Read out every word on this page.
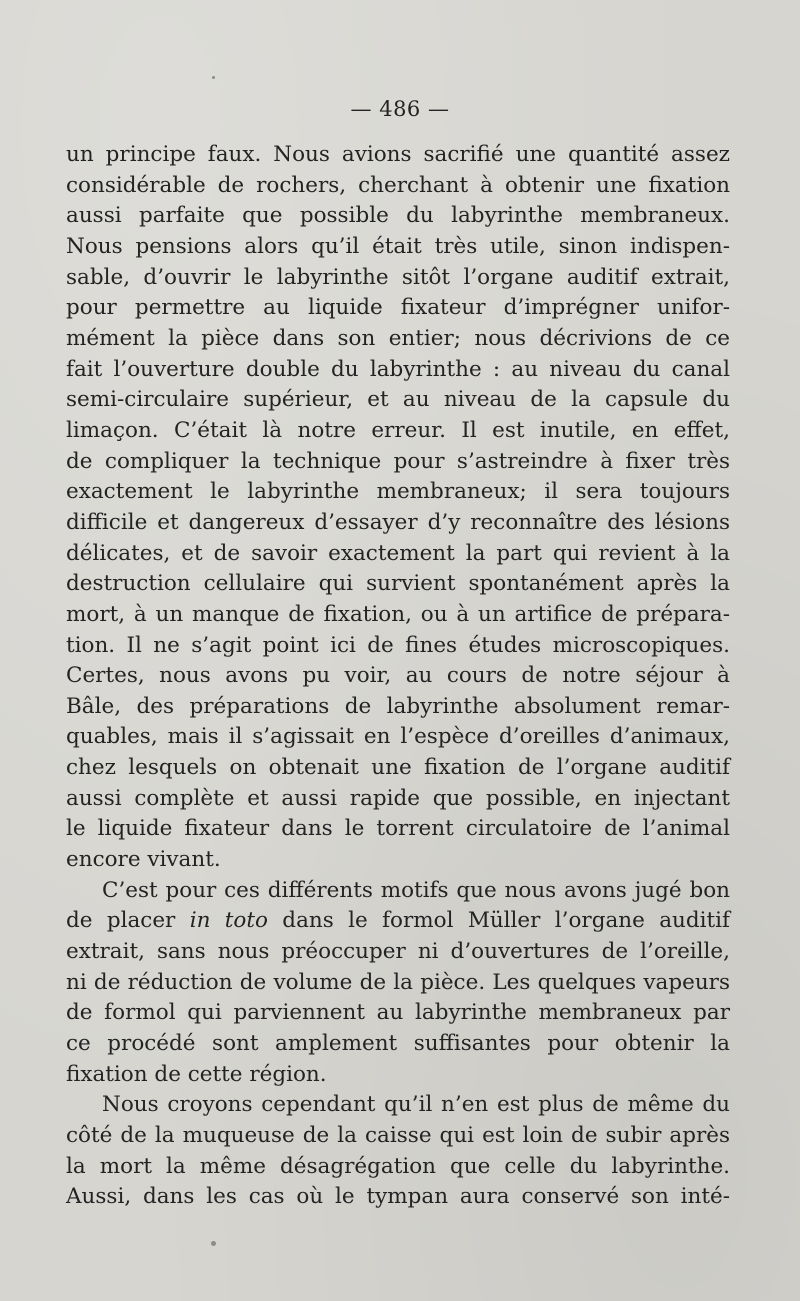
— 486 —
un principe faux. Nous avions sacrifié une quantité assez
considérable de rochers, cherchant à obtenir une fixation
aussi parfaite que possible du labyrinthe membraneux.
Nous pensions alors qu’il était très utile, sinon indispen-
sable, d’ouvrir le labyrinthe sitôt l’organe auditif extrait,
pour permettre au liquide fixateur d’imprégner unifor-
mément la pièce dans son entier; nous décrivions de ce
fait l’ouverture double du labyrinthe : au niveau du canal
semi-circulaire supérieur, et au niveau de la capsule du
limaçon. C’était là notre erreur. Il est inutile, en effet,
de compliquer la technique pour s’astreindre à fixer très
exactement le labyrinthe membraneux; il sera toujours
difficile et dangereux d’essayer d’y reconnaître des lésions
délicates, et de savoir exactement la part qui revient à la
destruction cellulaire qui survient spontanément après la
mort, à un manque de fixation, ou à un artifice de prépara-
tion. Il ne s’agit point ici de fines études microscopiques.
Certes, nous avons pu voir, au cours de notre séjour à
Bâle, des préparations de labyrinthe absolument remar-
quables, mais il s’agissait en l’espèce d’oreilles d’animaux,
chez lesquels on obtenait une fixation de l’organe auditif
aussi complète et aussi rapide que possible, en injectant
le liquide fixateur dans le torrent circulatoire de l’animal
encore vivant.
C’est pour ces différents motifs que nous avons jugé bon
de placer in toto dans le formol Müller l’organe auditif
extrait, sans nous préoccuper ni d’ouvertures de l’oreille,
ni de réduction de volume de la pièce. Les quelques vapeurs
de formol qui parviennent au labyrinthe membraneux par
ce procédé sont amplement suffisantes pour obtenir la
fixation de cette région.
Nous croyons cependant qu’il n’en est plus de même du
côté de la muqueuse de la caisse qui est loin de subir après
la mort la même désagrégation que celle du labyrinthe.
Aussi, dans les cas où le tympan aura conservé son inté-
